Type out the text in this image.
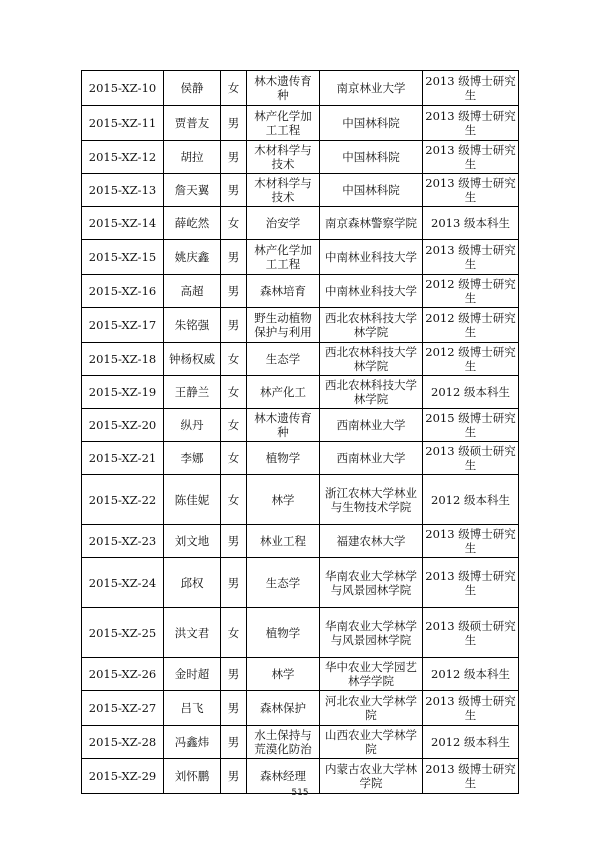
2015-XZ-10	侯静	女	林木遗传育种	南京林业大学	2013 级博士研究生
2015-XZ-11	贾普友	男	林产化学加工工程	中国林科院	2013 级博士研究生
2015-XZ-12	胡拉	男	木材科学与技术	中国林科院	2013 级博士研究生
2015-XZ-13	詹天翼	男	木材科学与技术	中国林科院	2013 级博士研究生
2015-XZ-14	薛屹然	女	治安学	南京森林警察学院	2013 级本科生
2015-XZ-15	姚庆鑫	男	林产化学加工工程	中南林业科技大学	2013 级博士研究生
2015-XZ-16	高超	男	森林培育	中南林业科技大学	2012 级博士研究生
2015-XZ-17	朱铭强	男	野生动植物保护与利用	西北农林科技大学林学院	2012 级博士研究生
2015-XZ-18	钟杨权威	女	生态学	西北农林科技大学林学院	2012 级博士研究生
2015-XZ-19	王静兰	女	林产化工	西北农林科技大学林学院	2012 级本科生
2015-XZ-20	纵丹	女	林木遗传育种	西南林业大学	2015 级博士研究生
2015-XZ-21	李娜	女	植物学	西南林业大学	2013 级硕士研究生
2015-XZ-22	陈佳妮	女	林学	浙江农林大学林业与生物技术学院	2012 级本科生
2015-XZ-23	刘文地	男	林业工程	福建农林大学	2013 级博士研究生
2015-XZ-24	邱权	男	生态学	华南农业大学林学与风景园林学院	2013 级博士研究生
2015-XZ-25	洪文君	女	植物学	华南农业大学林学与风景园林学院	2013 级硕士研究生
2015-XZ-26	金时超	男	林学	华中农业大学园艺林学学院	2012 级本科生
2015-XZ-27	吕飞	男	森林保护	河北农业大学林学院	2013 级博士研究生
2015-XZ-28	冯鑫炜	男	水土保持与荒漠化防治	山西农业大学林学院	2012 级本科生
2015-XZ-29	刘怀鹏	男	森林经理	内蒙古农业大学林学院	2013 级博士研究生
515
